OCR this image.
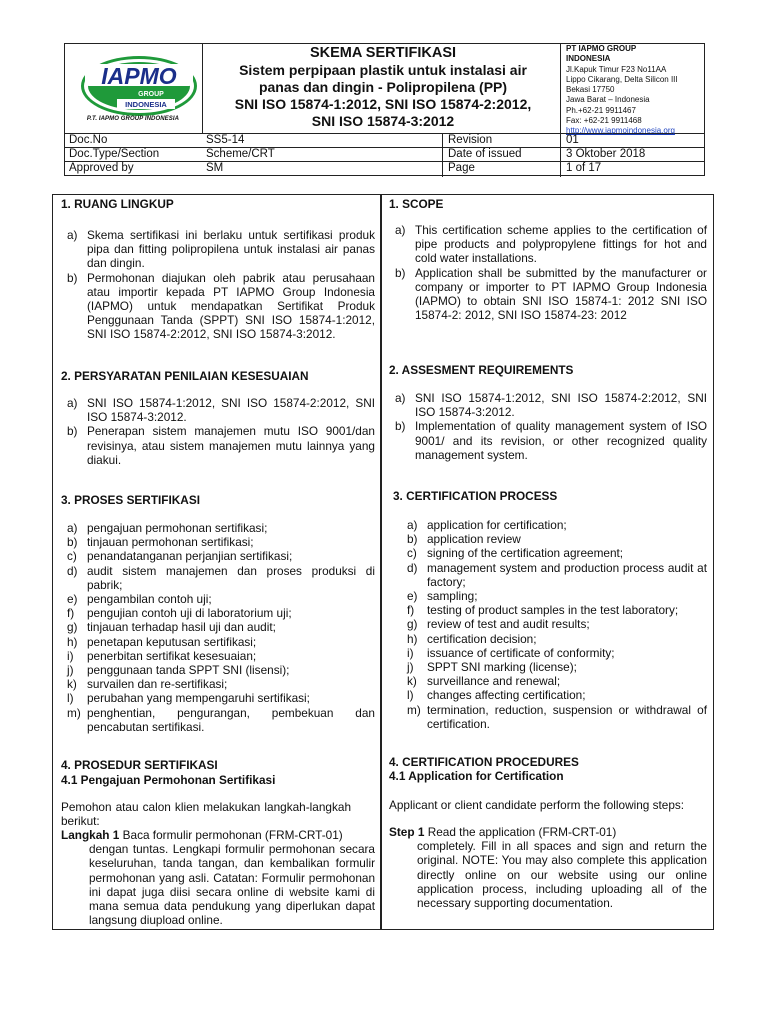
IAPMO
GROUP
INDONESIA
P.T. IAPMO GROUP INDONESIA
SKEMA SERTIFIKASI
Sistem perpipaan plastik untuk instalasi air
panas dan dingin - Polipropilena (PP)
SNI ISO 15874-1:2012, SNI ISO 15874-2:2012,
SNI ISO 15874-3:2012
PT IAPMO GROUP
INDONESIA
Jl.Kapuk Timur F23 No11AA
Lippo Cikarang, Delta Silicon III
Bekasi 17750
Jawa Barat – Indonesia
Ph.+62-21 9911467
Fax: +62-21 9911468
http://www.iapmoindonesia.org
Doc.No	SS5-14	Revision	01
Doc.Type/Section	Scheme/CRT	Date of issued	3 Oktober 2018
Approved by	SM	Page	1 of 17
1. RUANG LINGKUP
a) Skema sertifikasi ini berlaku untuk sertifikasi produk pipa dan fitting polipropilena untuk instalasi air panas dan dingin.
b) Permohonan diajukan oleh pabrik atau perusahaan atau importir kepada PT IAPMO Group Indonesia (IAPMO) untuk mendapatkan Sertifikat Produk Penggunaan Tanda (SPPT) SNI ISO 15874-1:2012, SNI ISO 15874-2:2012, SNI ISO 15874-3:2012.
2. PERSYARATAN PENILAIAN KESESUAIAN
a) SNI ISO 15874-1:2012, SNI ISO 15874-2:2012, SNI ISO 15874-3:2012.
b) Penerapan sistem manajemen mutu ISO 9001/dan revisinya, atau sistem manajemen mutu lainnya yang diakui.
3. PROSES SERTIFIKASI
a) pengajuan permohonan sertifikasi;
b) tinjauan permohonan sertifikasi;
c) penandatanganan perjanjian sertifikasi;
d) audit sistem manajemen dan proses produksi di pabrik;
e) pengambilan contoh uji;
f) pengujian contoh uji di laboratorium uji;
g) tinjauan terhadap hasil uji dan audit;
h) penetapan keputusan sertifikasi;
i) penerbitan sertifikat kesesuaian;
j) penggunaan tanda SPPT SNI (lisensi);
k) survailen dan re-sertifikasi;
l) perubahan yang mempengaruhi sertifikasi;
m) penghentian, pengurangan, pembekuan dan pencabutan sertifikasi.
4. PROSEDUR SERTIFIKASI
4.1 Pengajuan Permohonan Sertifikasi
Pemohon atau calon klien melakukan langkah-langkah berikut:
Langkah 1 Baca formulir permohonan (FRM-CRT-01)
dengan tuntas. Lengkapi formulir permohonan secara keseluruhan, tanda tangan, dan kembalikan formulir permohonan yang asli. Catatan: Formulir permohonan ini dapat juga diisi secara online di website kami di mana semua data pendukung yang diperlukan dapat langsung diupload online.
1. SCOPE
a) This certification scheme applies to the certification of pipe products and polypropylene fittings for hot and cold water installations.
b) Application shall be submitted by the manufacturer or company or importer to PT IAPMO Group Indonesia (IAPMO) to obtain SNI ISO 15874-1: 2012 SNI ISO 15874-2: 2012, SNI ISO 15874-23: 2012
2. ASSESMENT REQUIREMENTS
a) SNI ISO 15874-1:2012, SNI ISO 15874-2:2012, SNI ISO 15874-3:2012.
b) Implementation of quality management system of ISO 9001/ and its revision, or other recognized quality management system.
3. CERTIFICATION PROCESS
a) application for certification;
b) application review
c) signing of the certification agreement;
d) management system and production process audit at factory;
e) sampling;
f) testing of product samples in the test laboratory;
g) review of test and audit results;
h) certification decision;
i) issuance of certificate of conformity;
j) SPPT SNI marking (license);
k) surveillance and renewal;
l) changes affecting certification;
m) termination, reduction, suspension or withdrawal of certification.
4. CERTIFICATION PROCEDURES
4.1 Application for Certification
Applicant or client candidate perform the following steps:
Step 1 Read the application (FRM-CRT-01)
completely. Fill in all spaces and sign and return the original. NOTE: You may also complete this application directly online on our website using our online application process, including uploading all of the necessary supporting documentation.
